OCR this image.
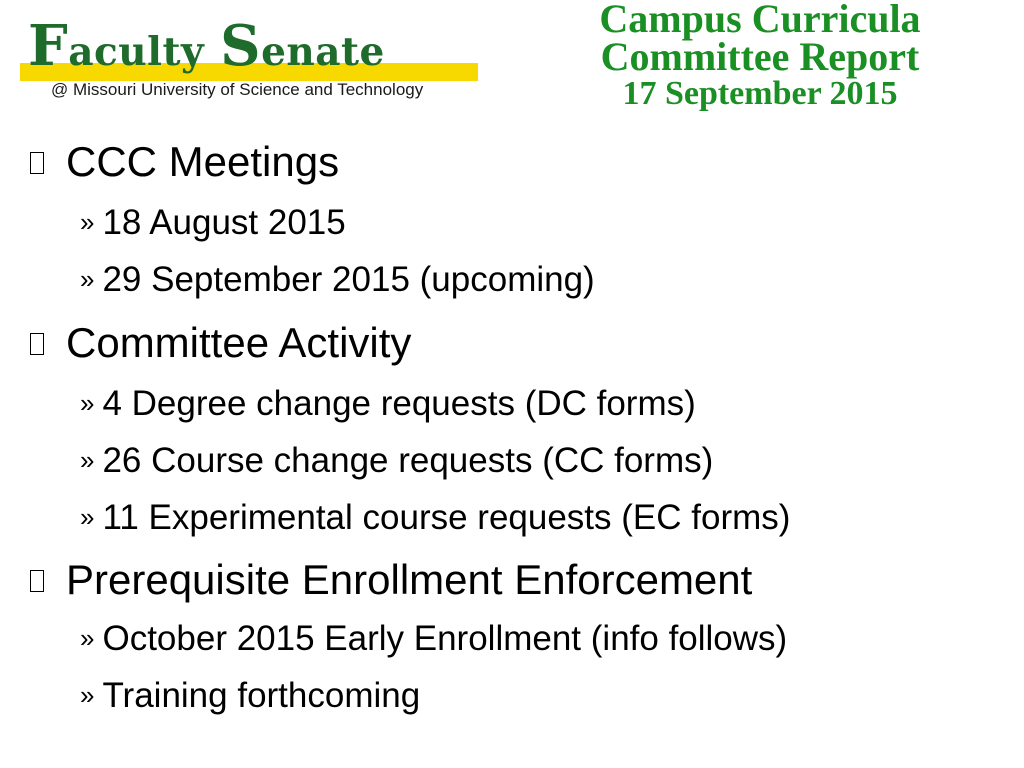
Faculty Senate
@ Missouri University of Science and Technology
Campus Curricula
Committee Report
17 September 2015
CCC Meetings
» 18 August 2015
» 29 September 2015 (upcoming)
Committee Activity
» 4 Degree change requests (DC forms)
» 26 Course change requests (CC forms)
» 11 Experimental course requests (EC forms)
Prerequisite Enrollment Enforcement
» October 2015 Early Enrollment (info follows)
» Training forthcoming
